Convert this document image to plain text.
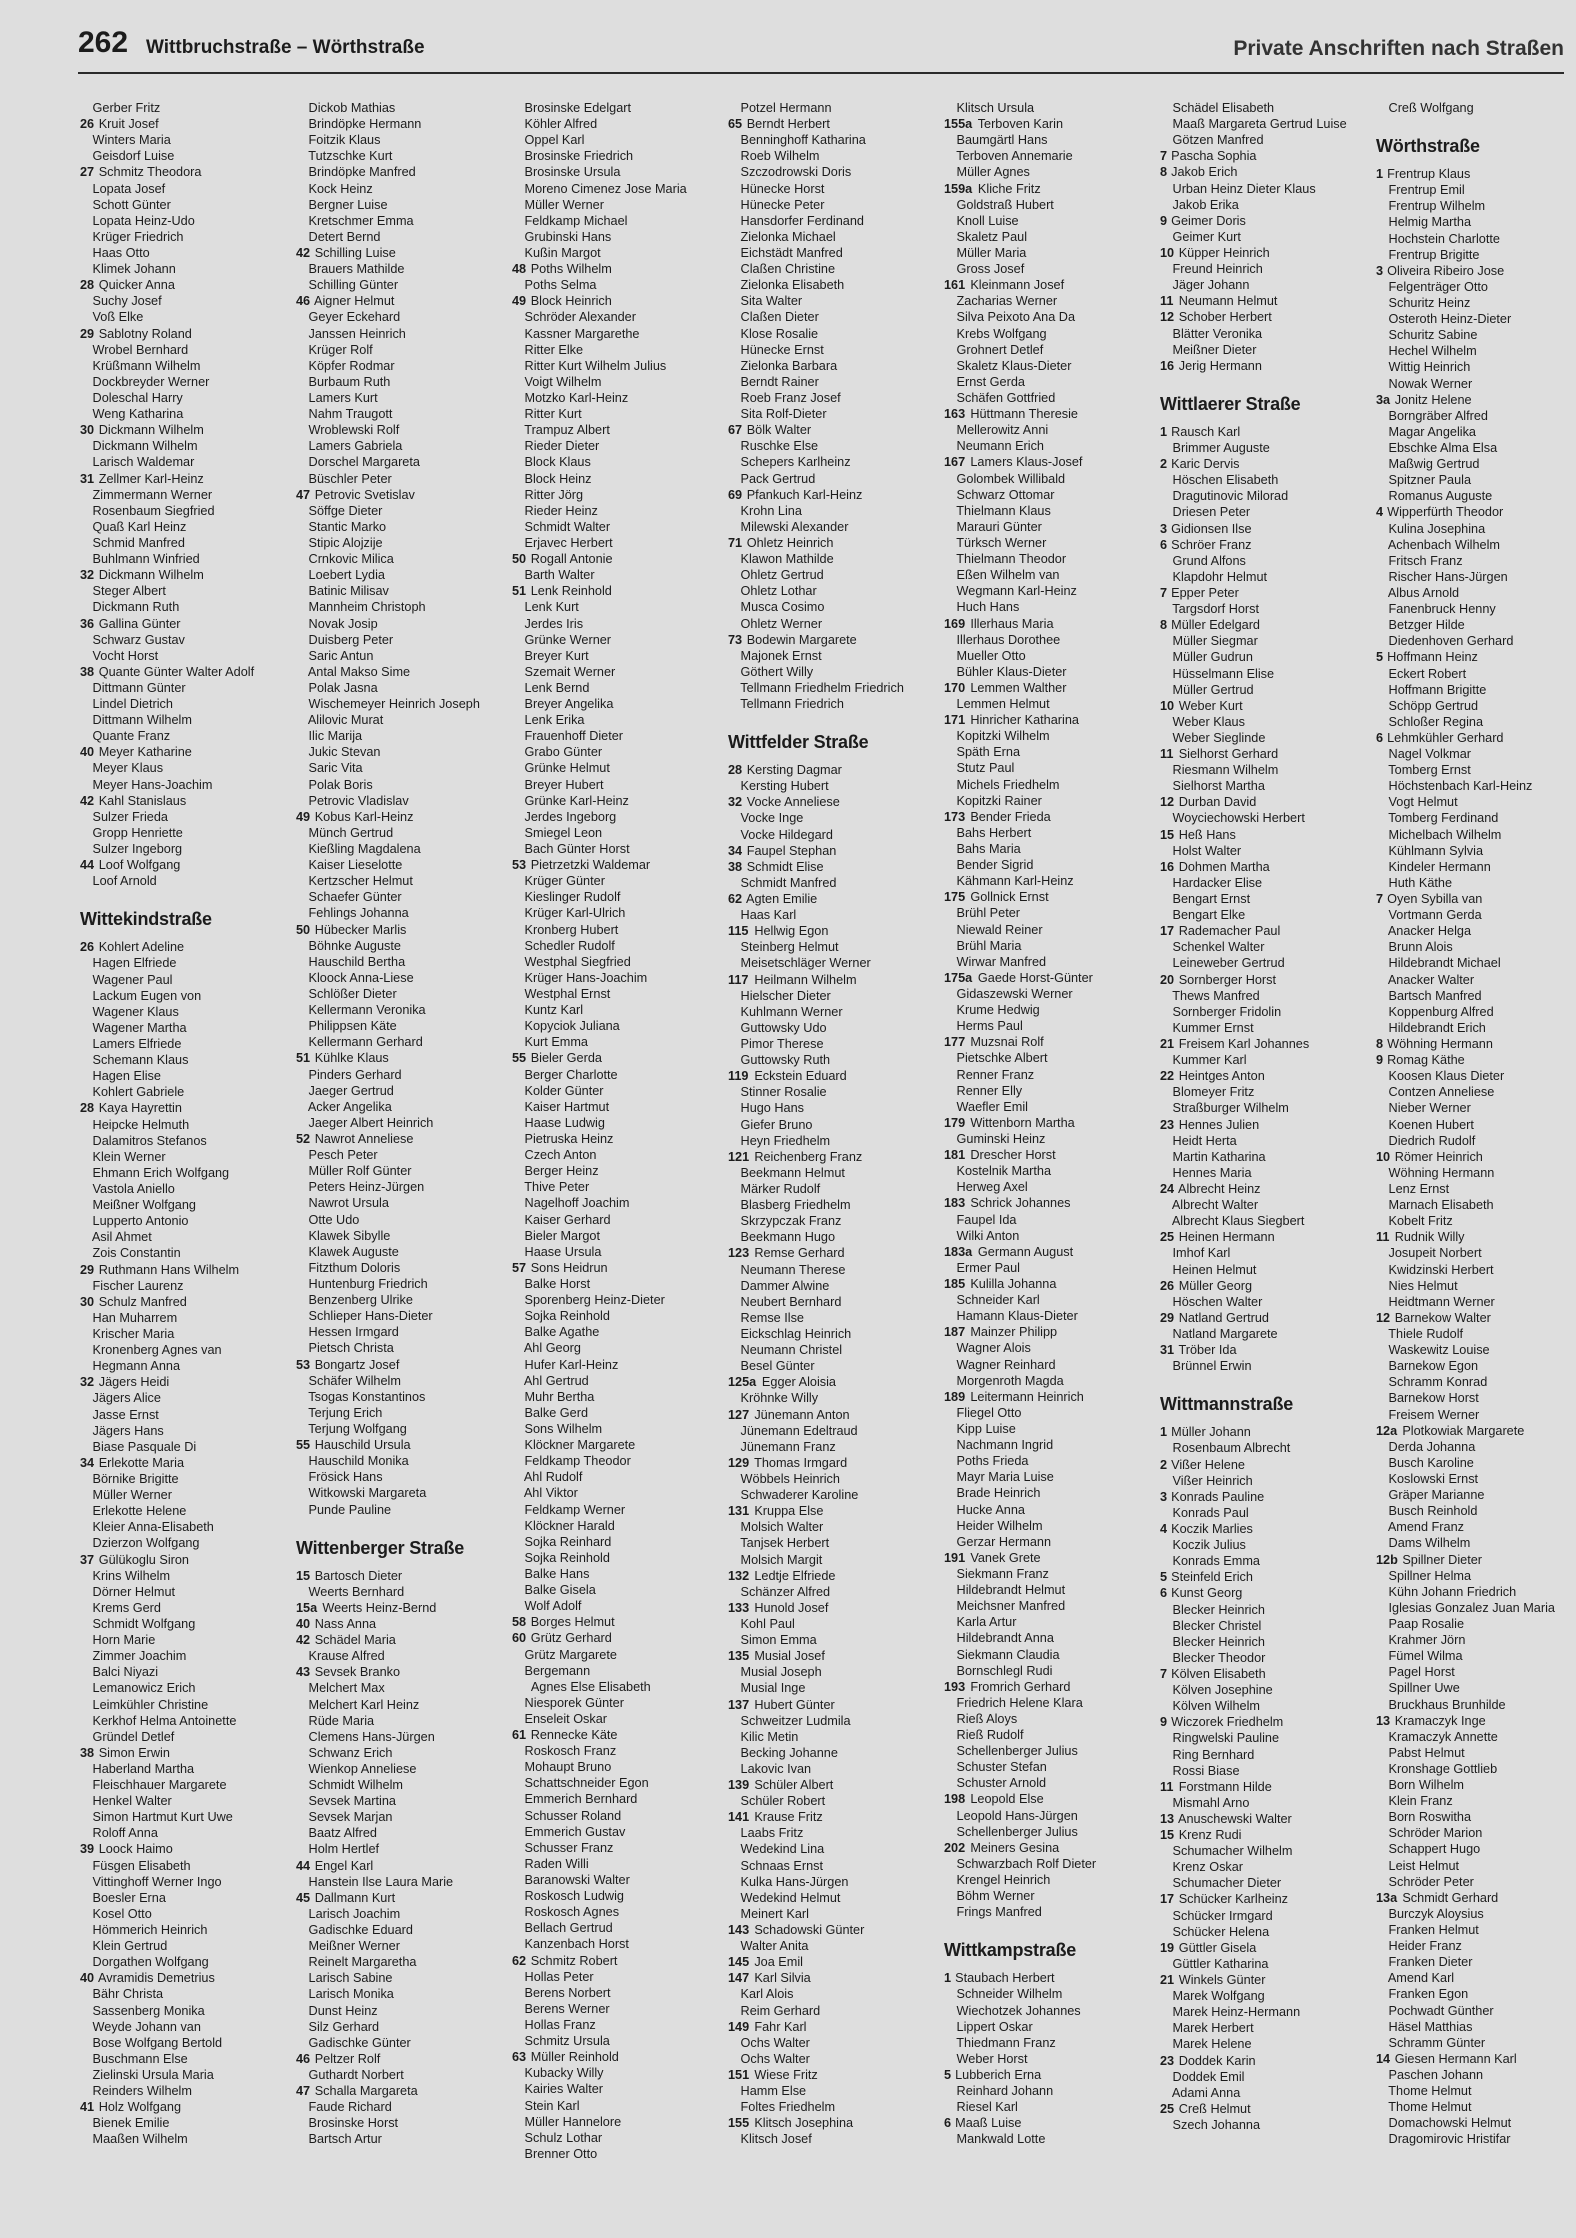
262 Wittbruchstraße – Wörthstraße	Private Anschriften nach Straßen
Gerber Fritz
26 Kruit Josef
Winters Maria
Geisdorf Luise
27 Schmitz Theodora
Lopata Josef
Schott Günter
Lopata Heinz-Udo
Krüger Friedrich
Haas Otto
Klimek Johann
28 Quicker Anna
Suchy Josef
Voß Elke
29 Sablotny Roland
Wrobel Bernhard
Krüßmann Wilhelm
Dockbreyder Werner
Doleschal Harry
Weng Katharina
30 Dickmann Wilhelm
Dickmann Wilhelm
Larisch Waldemar
31 Zellmer Karl-Heinz
Zimmermann Werner
Rosenbaum Siegfried
Quaß Karl Heinz
Schmid Manfred
Buhlmann Winfried
32 Dickmann Wilhelm
Steger Albert
Dickmann Ruth
36 Gallina Günter
Schwarz Gustav
Vocht Horst
38 Quante Günter Walter Adolf
Dittmann Günter
Lindel Dietrich
Dittmann Wilhelm
Quante Franz
40 Meyer Katharine
Meyer Klaus
Meyer Hans-Joachim
42 Kahl Stanislaus
Sulzer Frieda
Gropp Henriette
Sulzer Ingeborg
44 Loof Wolfgang
Loof Arnold
Wittekindstraße
26 Kohlert Adeline
Hagen Elfriede
Wagener Paul
Lackum Eugen von
Wagener Klaus
Wagener Martha
Lamers Elfriede
Schemann Klaus
Hagen Elise
Kohlert Gabriele
28 Kaya Hayrettin
Heipcke Helmuth
Dalamitros Stefanos
Klein Werner
Ehmann Erich Wolfgang
Vastola Aniello
Meißner Wolfgang
Lupperto Antonio
Asil Ahmet
Zois Constantin
29 Ruthmann Hans Wilhelm
Fischer Laurenz
30 Schulz Manfred
Han Muharrem
Krischer Maria
Kronenberg Agnes van
Hegmann Anna
32 Jägers Heidi
Jägers Alice
Jasse Ernst
Jägers Hans
Biase Pasquale Di
34 Erlekotte Maria
Börnike Brigitte
Müller Werner
Erlekotte Helene
Kleier Anna-Elisabeth
Dzierzon Wolfgang
37 Gülükoglu Siron
Krins Wilhelm
Dörner Helmut
Krems Gerd
Schmidt Wolfgang
Horn Marie
Zimmer Joachim
Balci Niyazi
Lemanowicz Erich
Leimkühler Christine
Kerkhof Helma Antoinette
Gründel Detlef
38 Simon Erwin
Haberland Martha
Fleischhauer Margarete
Henkel Walter
Simon Hartmut Kurt Uwe
Roloff Anna
39 Loock Haimo
Füsgen Elisabeth
Vittinghoff Werner Ingo
Boesler Erna
Kosel Otto
Hömmerich Heinrich
Klein Gertrud
Dorgathen Wolfgang
40 Avramidis Demetrius
Bähr Christa
Sassenberg Monika
Weyde Johann van
Bose Wolfgang Bertold
Buschmann Else
Zielinski Ursula Maria
Reinders Wilhelm
41 Holz Wolfgang
Bienek Emilie
Maaßen Wilhelm
Dickob Mathias
Brindöpke Hermann
Foitzik Klaus
Tutzschke Kurt
Brindöpke Manfred
Kock Heinz
Bergner Luise
Kretschmer Emma
Detert Bernd
42 Schilling Luise
Brauers Mathilde
Schilling Günter
46 Aigner Helmut
Geyer Eckehard
Janssen Heinrich
Krüger Rolf
Köpfer Rodmar
Burbaum Ruth
Lamers Kurt
Nahm Traugott
Wroblewski Rolf
Lamers Gabriela
Dorschel Margareta
Büschler Peter
47 Petrovic Svetislav
Söffge Dieter
Stantic Marko
Stipic Alojzije
Crnkovic Milica
Loebert Lydia
Batinic Milisav
Mannheim Christoph
Novak Josip
Duisberg Peter
Saric Antun
Antal Makso Sime
Polak Jasna
Wischemeyer Heinrich Joseph
Alilovic Murat
Ilic Marija
Jukic Stevan
Saric Vita
Polak Boris
Petrovic Vladislav
49 Kobus Karl-Heinz
Münch Gertrud
Kießling Magdalena
Kaiser Lieselotte
Kertzscher Helmut
Schaefer Günter
Fehlings Johanna
50 Hübecker Marlis
Böhnke Auguste
Hauschild Bertha
Kloock Anna-Liese
Schlößer Dieter
Kellermann Veronika
Philippsen Käte
Kellermann Gerhard
51 Kühlke Klaus
Pinders Gerhard
Jaeger Gertrud
Acker Angelika
Jaeger Albert Heinrich
52 Nawrot Anneliese
Pesch Peter
Müller Rolf Günter
Peters Heinz-Jürgen
Nawrot Ursula
Otte Udo
Klawek Sibylle
Klawek Auguste
Fitzthum Doloris
Huntenburg Friedrich
Benzenberg Ulrike
Schlieper Hans-Dieter
Hessen Irmgard
Pietsch Christa
53 Bongartz Josef
Schäfer Wilhelm
Tsogas Konstantinos
Terjung Erich
Terjung Wolfgang
55 Hauschild Ursula
Hauschild Monika
Frösick Hans
Witkowski Margareta
Punde Pauline
Wittenberger Straße
15 Bartosch Dieter
Weerts Bernhard
15a Weerts Heinz-Bernd
40 Nass Anna
42 Schädel Maria
Krause Alfred
43 Sevsek Branko
Melchert Max
Melchert Karl Heinz
Rüde Maria
Clemens Hans-Jürgen
Schwanz Erich
Wienkop Anneliese
Schmidt Wilhelm
Sevsek Martina
Sevsek Marjan
Baatz Alfred
Holm Hertlef
44 Engel Karl
Hanstein Ilse Laura Marie
45 Dallmann Kurt
Larisch Joachim
Gadischke Eduard
Meißner Werner
Reinelt Margaretha
Larisch Sabine
Larisch Monika
Dunst Heinz
Silz Gerhard
Gadischke Günter
46 Peltzer Rolf
Guthardt Norbert
47 Schalla Margareta
Faude Richard
Brosinske Horst
Bartsch Artur
Brosinske Edelgart
Köhler Alfred
Oppel Karl
Brosinske Friedrich
Brosinske Ursula
Moreno Cimenez Jose Maria
Müller Werner
Feldkamp Michael
Grubinski Hans
Kußin Margot
48 Poths Wilhelm
Poths Selma
49 Block Heinrich
Schröder Alexander
Kassner Margarethe
Ritter Elke
Ritter Kurt Wilhelm Julius
Voigt Wilhelm
Motzko Karl-Heinz
Ritter Kurt
Trampuz Albert
Rieder Dieter
Block Klaus
Block Heinz
Ritter Jörg
Rieder Heinz
Schmidt Walter
Erjavec Herbert
50 Rogall Antonie
Barth Walter
51 Lenk Reinhold
Lenk Kurt
Jerdes Iris
Grünke Werner
Breyer Kurt
Szemait Werner
Lenk Bernd
Breyer Angelika
Lenk Erika
Frauenhoff Dieter
Grabo Günter
Grünke Helmut
Breyer Hubert
Grünke Karl-Heinz
Jerdes Ingeborg
Smiegel Leon
Bach Günter Horst
53 Pietrzetzki Waldemar
Krüger Günter
Kieslinger Rudolf
Krüger Karl-Ulrich
Kronberg Hubert
Schedler Rudolf
Westphal Siegfried
Krüger Hans-Joachim
Westphal Ernst
Kuntz Karl
Kopyciok Juliana
Kurt Emma
55 Bieler Gerda
Berger Charlotte
Kolder Günter
Kaiser Hartmut
Haase Ludwig
Pietruska Heinz
Czech Anton
Berger Heinz
Thive Peter
Nagelhoff Joachim
Kaiser Gerhard
Bieler Margot
Haase Ursula
57 Sons Heidrun
Balke Horst
Sporenberg Heinz-Dieter
Sojka Reinhold
Balke Agathe
Ahl Georg
Hufer Karl-Heinz
Ahl Gertrud
Muhr Bertha
Balke Gerd
Sons Wilhelm
Klöckner Margarete
Feldkamp Theodor
Ahl Rudolf
Ahl Viktor
Feldkamp Werner
Klöckner Harald
Sojka Reinhard
Sojka Reinhold
Balke Hans
Balke Gisela
Wolf Adolf
58 Borges Helmut
60 Grütz Gerhard
Grütz Margarete
Bergemann
Agnes Else Elisabeth
Niesporek Günter
Enseleit Oskar
61 Rennecke Käte
Roskosch Franz
Mohaupt Bruno
Schattschneider Egon
Emmerich Bernhard
Schusser Roland
Emmerich Gustav
Schusser Franz
Raden Willi
Baranowski Walter
Roskosch Ludwig
Roskosch Agnes
Bellach Gertrud
Kanzenbach Horst
62 Schmitz Robert
Hollas Peter
Berens Norbert
Berens Werner
Hollas Franz
Schmitz Ursula
63 Müller Reinhold
Kubacky Willy
Kairies Walter
Stein Karl
Müller Hannelore
Schulz Lothar
Brenner Otto
Potzel Hermann
65 Berndt Herbert
Benninghoff Katharina
Roeb Wilhelm
Szczodrowski Doris
Hünecke Horst
Hünecke Peter
Hansdorfer Ferdinand
Zielonka Michael
Eichstädt Manfred
Claßen Christine
Zielonka Elisabeth
Sita Walter
Claßen Dieter
Klose Rosalie
Hünecke Ernst
Zielonka Barbara
Berndt Rainer
Roeb Franz Josef
Sita Rolf-Dieter
67 Bölk Walter
Ruschke Else
Schepers Karlheinz
Pack Gertrud
69 Pfankuch Karl-Heinz
Krohn Lina
Milewski Alexander
71 Ohletz Heinrich
Klawon Mathilde
Ohletz Gertrud
Ohletz Lothar
Musca Cosimo
Ohletz Werner
73 Bodewin Margarete
Majonek Ernst
Göthert Willy
Tellmann Friedhelm Friedrich
Tellmann Friedrich
Wittfelder Straße
28 Kersting Dagmar
Kersting Hubert
32 Vocke Anneliese
Vocke Inge
Vocke Hildegard
34 Faupel Stephan
38 Schmidt Elise
Schmidt Manfred
62 Agten Emilie
Haas Karl
115 Hellwig Egon
Steinberg Helmut
Meisetschläger Werner
117 Heilmann Wilhelm
Hielscher Dieter
Kuhlmann Werner
Guttowsky Udo
Pimor Therese
Guttowsky Ruth
119 Eckstein Eduard
Stinner Rosalie
Hugo Hans
Giefer Bruno
Heyn Friedhelm
121 Reichenberg Franz
Beekmann Helmut
Märker Rudolf
Blasberg Friedhelm
Skrzypczak Franz
Beekmann Hugo
123 Remse Gerhard
Neumann Therese
Dammer Alwine
Neubert Bernhard
Remse Ilse
Eickschlag Heinrich
Neumann Christel
Besel Günter
125a Egger Aloisia
Kröhnke Willy
127 Jünemann Anton
Jünemann Edeltraud
Jünemann Franz
129 Thomas Irmgard
Wöbbels Heinrich
Schwaderer Karoline
131 Kruppa Else
Molsich Walter
Tanjsek Herbert
Molsich Margit
132 Ledtje Elfriede
Schänzer Alfred
133 Hunold Josef
Kohl Paul
Simon Emma
135 Musial Josef
Musial Joseph
Musial Inge
137 Hubert Günter
Schweitzer Ludmila
Kilic Metin
Becking Johanne
Lakovic Ivan
139 Schüler Albert
Schüler Robert
141 Krause Fritz
Laabs Fritz
Wedekind Lina
Schnaas Ernst
Kulka Hans-Jürgen
Wedekind Helmut
Meinert Karl
143 Schadowski Günter
Walter Anita
145 Joa Emil
147 Karl Silvia
Karl Alois
Reim Gerhard
149 Fahr Karl
Ochs Walter
Ochs Walter
151 Wiese Fritz
Hamm Else
Foltes Friedhelm
155 Klitsch Josephina
Klitsch Josef
Klitsch Ursula
155a Terboven Karin
Baumgärtl Hans
Terboven Annemarie
Müller Agnes
159a Kliche Fritz
Goldstraß Hubert
Knoll Luise
Skaletz Paul
Müller Maria
Gross Josef
161 Kleinmann Josef
Zacharias Werner
Silva Peixoto Ana Da
Krebs Wolfgang
Grohnert Detlef
Skaletz Klaus-Dieter
Ernst Gerda
Schäfen Gottfried
163 Hüttmann Theresie
Mellerowitz Anni
Neumann Erich
167 Lamers Klaus-Josef
Golombek Willibald
Schwarz Ottomar
Thielmann Klaus
Marauri Günter
Türksch Werner
Thielmann Theodor
Eßen Wilhelm van
Wegmann Karl-Heinz
Huch Hans
169 Illerhaus Maria
Illerhaus Dorothee
Mueller Otto
Bühler Klaus-Dieter
170 Lemmen Walther
Lemmen Helmut
171 Hinricher Katharina
Kopitzki Wilhelm
Späth Erna
Stutz Paul
Michels Friedhelm
Kopitzki Rainer
173 Bender Frieda
Bahs Herbert
Bahs Maria
Bender Sigrid
Kähmann Karl-Heinz
175 Gollnick Ernst
Brühl Peter
Niewald Reiner
Brühl Maria
Wirwar Manfred
175a Gaede Horst-Günter
Gidaszewski Werner
Krume Hedwig
Herms Paul
177 Muzsnai Rolf
Pietschke Albert
Renner Franz
Renner Elly
Waefler Emil
179 Wittenborn Martha
Guminski Heinz
181 Drescher Horst
Kostelnik Martha
Herweg Axel
183 Schrick Johannes
Faupel Ida
Wilki Anton
183a Germann August
Ermer Paul
185 Kulilla Johanna
Schneider Karl
Hamann Klaus-Dieter
187 Mainzer Philipp
Wagner Alois
Wagner Reinhard
Morgenroth Magda
189 Leitermann Heinrich
Fliegel Otto
Kipp Luise
Nachmann Ingrid
Poths Frieda
Mayr Maria Luise
Brade Heinrich
Hucke Anna
Heider Wilhelm
Gerzar Hermann
191 Vanek Grete
Siekmann Franz
Hildebrandt Helmut
Meichsner Manfred
Karla Artur
Hildebrandt Anna
Siekmann Claudia
Bornschlegl Rudi
193 Fromrich Gerhard
Friedrich Helene Klara
Rieß Aloys
Rieß Rudolf
Schellenberger Julius
Schuster Stefan
Schuster Arnold
198 Leopold Else
Leopold Hans-Jürgen
Schellenberger Julius
202 Meiners Gesina
Schwarzbach Rolf Dieter
Krengel Heinrich
Böhm Werner
Frings Manfred
Wittkampstraße
1 Staubach Herbert
Schneider Wilhelm
Wiechotzek Johannes
Lippert Oskar
Thiedmann Franz
Weber Horst
5 Lubberich Erna
Reinhard Johann
Riesel Karl
6 Maaß Luise
Mankwald Lotte
Schädel Elisabeth
Maaß Margareta Gertrud Luise
Götzen Manfred
7 Pascha Sophia
8 Jakob Erich
Urban Heinz Dieter Klaus
Jakob Erika
9 Geimer Doris
Geimer Kurt
10 Küpper Heinrich
Freund Heinrich
Jäger Johann
11 Neumann Helmut
12 Schober Herbert
Blätter Veronika
Meißner Dieter
16 Jerig Hermann
Wittlaerer Straße
1 Rausch Karl
Brimmer Auguste
2 Karic Dervis
Höschen Elisabeth
Dragutinovic Milorad
Driesen Peter
3 Gidionsen Ilse
6 Schröer Franz
Grund Alfons
Klapdohr Helmut
7 Epper Peter
Targsdorf Horst
8 Müller Edelgard
Müller Siegmar
Müller Gudrun
Hüsselmann Elise
Müller Gertrud
10 Weber Kurt
Weber Klaus
Weber Sieglinde
11 Sielhorst Gerhard
Riesmann Wilhelm
Sielhorst Martha
12 Durban David
Woyciechowski Herbert
15 Heß Hans
Holst Walter
16 Dohmen Martha
Hardacker Elise
Bengart Ernst
Bengart Elke
17 Rademacher Paul
Schenkel Walter
Leineweber Gertrud
20 Sornberger Horst
Thews Manfred
Sornberger Fridolin
Kummer Ernst
21 Freisem Karl Johannes
Kummer Karl
22 Heintges Anton
Blomeyer Fritz
Straßburger Wilhelm
23 Hennes Julien
Heidt Herta
Martin Katharina
Hennes Maria
24 Albrecht Heinz
Albrecht Walter
Albrecht Klaus Siegbert
25 Heinen Hermann
Imhof Karl
Heinen Helmut
26 Müller Georg
Höschen Walter
29 Natland Gertrud
Natland Margarete
31 Tröber Ida
Brünnel Erwin
Wittmannstraße
1 Müller Johann
Rosenbaum Albrecht
2 Vißer Helene
Vißer Heinrich
3 Konrads Pauline
Konrads Paul
4 Koczik Marlies
Koczik Julius
Konrads Emma
5 Steinfeld Erich
6 Kunst Georg
Blecker Heinrich
Blecker Christel
Blecker Heinrich
Blecker Theodor
7 Kölven Elisabeth
Kölven Josephine
Kölven Wilhelm
9 Wiczorek Friedhelm
Ringwelski Pauline
Ring Bernhard
Rossi Biase
11 Forstmann Hilde
Mismahl Arno
13 Anuschewski Walter
15 Krenz Rudi
Schumacher Wilhelm
Krenz Oskar
Schumacher Dieter
17 Schücker Karlheinz
Schücker Irmgard
Schücker Helena
19 Güttler Gisela
Güttler Katharina
21 Winkels Günter
Marek Wolfgang
Marek Heinz-Hermann
Marek Herbert
Marek Helene
23 Doddek Karin
Doddek Emil
Adami Anna
25 Creß Helmut
Szech Johanna
Creß Wolfgang
Wörthstraße
1 Frentrup Klaus
Frentrup Emil
Frentrup Wilhelm
Helmig Martha
Hochstein Charlotte
Frentrup Brigitte
3 Oliveira Ribeiro Jose
Felgenträger Otto
Schuritz Heinz
Osteroth Heinz-Dieter
Schuritz Sabine
Hechel Wilhelm
Wittig Heinrich
Nowak Werner
3a Jonitz Helene
Borngräber Alfred
Magar Angelika
Ebschke Alma Elsa
Maßwig Gertrud
Spitzner Paula
Romanus Auguste
4 Wipperfürth Theodor
Kulina Josephina
Achenbach Wilhelm
Fritsch Franz
Rischer Hans-Jürgen
Albus Arnold
Fanenbruck Henny
Betzger Hilde
Diedenhoven Gerhard
5 Hoffmann Heinz
Eckert Robert
Hoffmann Brigitte
Schöpp Gertrud
Schloßer Regina
6 Lehmkühler Gerhard
Nagel Volkmar
Tomberg Ernst
Höchstenbach Karl-Heinz
Vogt Helmut
Tomberg Ferdinand
Michelbach Wilhelm
Kühlmann Sylvia
Kindeler Hermann
Huth Käthe
7 Oyen Sybilla van
Vortmann Gerda
Anacker Helga
Brunn Alois
Hildebrandt Michael
Anacker Walter
Bartsch Manfred
Koppenburg Alfred
Hildebrandt Erich
8 Wöhning Hermann
9 Romag Käthe
Koosen Klaus Dieter
Contzen Anneliese
Nieber Werner
Koenen Hubert
Diedrich Rudolf
10 Römer Heinrich
Wöhning Hermann
Lenz Ernst
Marnach Elisabeth
Kobelt Fritz
11 Rudnik Willy
Josupeit Norbert
Kwidzinski Herbert
Nies Helmut
Heidtmann Werner
12 Barnekow Walter
Thiele Rudolf
Waskewitz Louise
Barnekow Egon
Schramm Konrad
Barnekow Horst
Freisem Werner
12a Plotkowiak Margarete
Derda Johanna
Busch Karoline
Koslowski Ernst
Gräper Marianne
Busch Reinhold
Amend Franz
Dams Wilhelm
12b Spillner Dieter
Spillner Helma
Kühn Johann Friedrich
Iglesias Gonzalez Juan Maria
Paap Rosalie
Krahmer Jörn
Fümel Wilma
Pagel Horst
Spillner Uwe
Bruckhaus Brunhilde
13 Kramaczyk Inge
Kramaczyk Annette
Pabst Helmut
Kronshage Gottlieb
Born Wilhelm
Klein Franz
Born Roswitha
Schröder Marion
Schappert Hugo
Leist Helmut
Schröder Peter
13a Schmidt Gerhard
Burczyk Aloysius
Franken Helmut
Heider Franz
Franken Dieter
Amend Karl
Franken Egon
Pochwadt Günther
Häsel Matthias
Schramm Günter
14 Giesen Hermann Karl
Paschen Johann
Thome Helmut
Thome Helmut
Domachowski Helmut
Dragomirovic Hristifar
